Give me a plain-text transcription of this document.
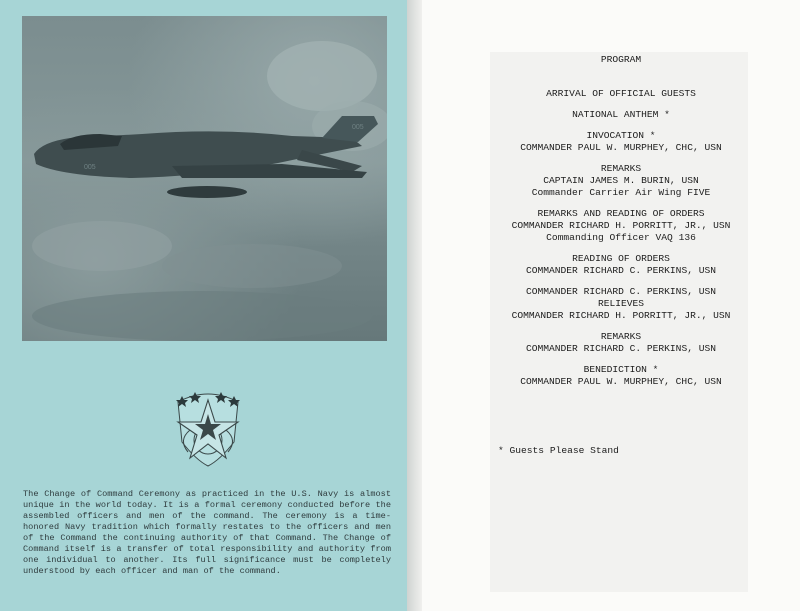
005
005
The Change of Command Ceremony as practiced in the U.S. Navy is almost unique in the world today. It is a formal ceremony conducted before the assembled officers and men of the command. The ceremony is a time-honored Navy tradition which formally restates to the officers and men of the Command the continuing authority of that Command. The Change of Command itself is a transfer of total responsibility and authority from one individual to another. Its full significance must be completely understood by each officer and man of the command.
PROGRAM
ARRIVAL OF OFFICIAL GUESTS
NATIONAL ANTHEM *
INVOCATION *
COMMANDER PAUL W. MURPHEY, CHC, USN
REMARKS
CAPTAIN JAMES M. BURIN, USN
Commander Carrier Air Wing FIVE
REMARKS AND READING OF ORDERS
COMMANDER RICHARD H. PORRITT, JR., USN
Commanding Officer VAQ 136
READING OF ORDERS
COMMANDER RICHARD C. PERKINS, USN
COMMANDER RICHARD C. PERKINS, USN
RELIEVES
COMMANDER RICHARD H. PORRITT, JR., USN
REMARKS
COMMANDER RICHARD C. PERKINS, USN
BENEDICTION *
COMMANDER PAUL W. MURPHEY, CHC, USN
* Guests Please Stand
